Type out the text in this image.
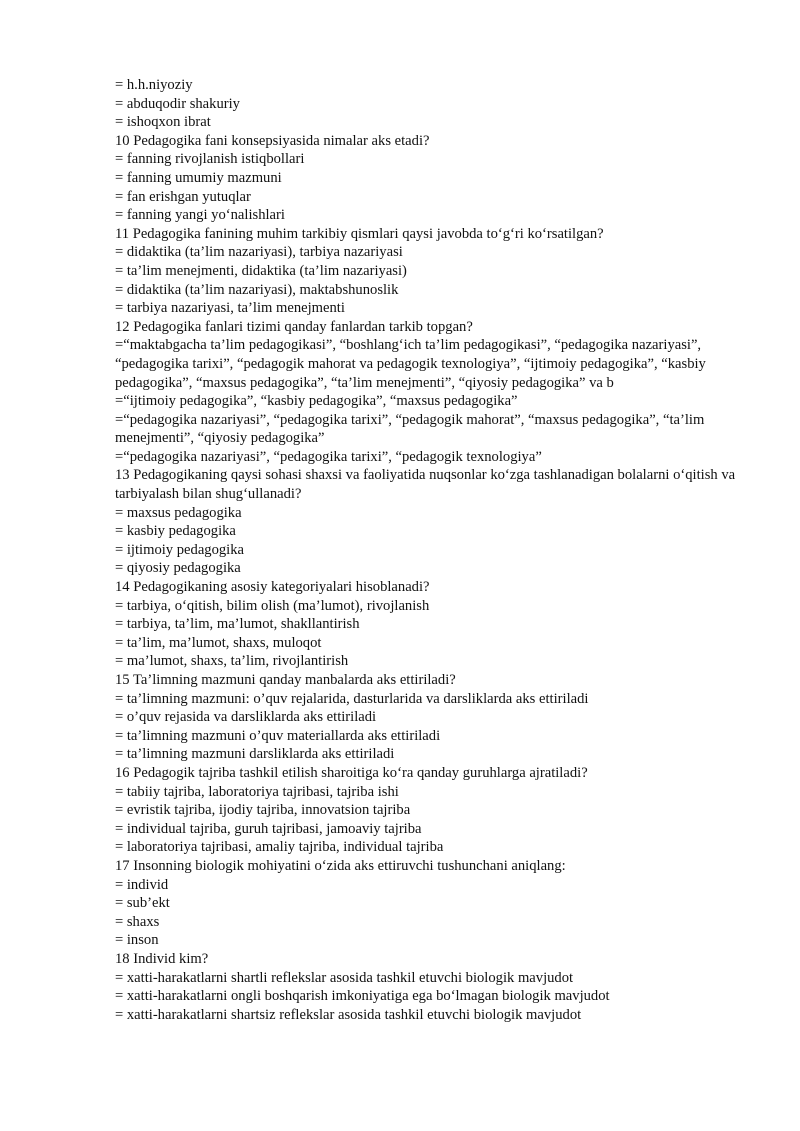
= h.h.niyoziy

= abduqodir shakuriy

= ishoqxon ibrat

10 Pedagogika fani konsepsiyasida nimalar aks etadi?

= fanning rivojlanish istiqbollari

= fanning umumiy mazmuni

= fan erishgan yutuqlar

= fanning yangi yo‘nalishlari

11 Pedagogika fanining muhim tarkibiy qismlari qaysi javobda to‘g‘ri ko‘rsatilgan?

= didaktika (ta’lim nazariyasi), tarbiya nazariyasi

= ta’lim menejmenti, didaktika (ta’lim nazariyasi)

= didaktika (ta’lim nazariyasi), maktabshunoslik

= tarbiya nazariyasi, ta’lim menejmenti

12 Pedagogika fanlari tizimi qanday fanlardan tarkib topgan?

=“maktabgacha ta’lim pedagogikasi”, “boshlang‘ich ta’lim pedagogikasi”, “pedagogika nazariyasi”, “pedagogika tarixi”, “pedagogik mahorat va pedagogik texnologiya”, “ijtimoiy pedagogika”, “kasbiy pedagogika”, “maxsus pedagogika”, “ta’lim menejmenti”, “qiyosiy pedagogika” va b

=“ijtimoiy pedagogika”, “kasbiy pedagogika”, “maxsus pedagogika”

=“pedagogika nazariyasi”, “pedagogika tarixi”, “pedagogik mahorat”, “maxsus pedagogika”, “ta’lim menejmenti”, “qiyosiy pedagogika”

=“pedagogika nazariyasi”, “pedagogika tarixi”, “pedagogik texnologiya”

13 Pedagogikaning qaysi sohasi shaxsi va faoliyatida nuqsonlar ko‘zga tashlanadigan bolalarni o‘qitish va tarbiyalash bilan shug‘ullanadi?

= maxsus pedagogika

= kasbiy pedagogika

= ijtimoiy pedagogika

= qiyosiy pedagogika

14 Pedagogikaning asosiy kategoriyalari hisoblanadi?

= tarbiya, o‘qitish, bilim olish (ma’lumot), rivojlanish

= tarbiya, ta’lim, ma’lumot, shakllantirish

= ta’lim, ma’lumot, shaxs, muloqot

= ma’lumot, shaxs, ta’lim, rivojlantirish

15 Ta’limning mazmuni qanday manbalarda aks ettiriladi?

= ta’limning mazmuni: o’quv rejalarida, dasturlarida va darsliklarda aks ettiriladi

= o’quv rejasida va darsliklarda aks ettiriladi

= ta’limning mazmuni o’quv materiallarda aks ettiriladi

= ta’limning mazmuni darsliklarda aks ettiriladi

16 Pedagogik tajriba tashkil etilish sharoitiga ko‘ra qanday guruhlarga ajratiladi?

= tabiiy tajriba, laboratoriya tajribasi, tajriba ishi

= evristik tajriba, ijodiy tajriba, innovatsion tajriba

= individual tajriba, guruh tajribasi, jamoaviy tajriba

= laboratoriya tajribasi, amaliy tajriba, individual tajriba

17 Insonning biologik mohiyatini o‘zida aks ettiruvchi tushunchani aniqlang:

= individ

= sub’ekt

= shaxs

= inson

18 Individ kim?

= xatti-harakatlarni shartli reflekslar asosida tashkil etuvchi biologik mavjudot

= xatti-harakatlarni ongli boshqarish imkoniyatiga ega bo‘lmagan biologik mavjudot

= xatti-harakatlarni shartsiz reflekslar asosida tashkil etuvchi biologik mavjudot
